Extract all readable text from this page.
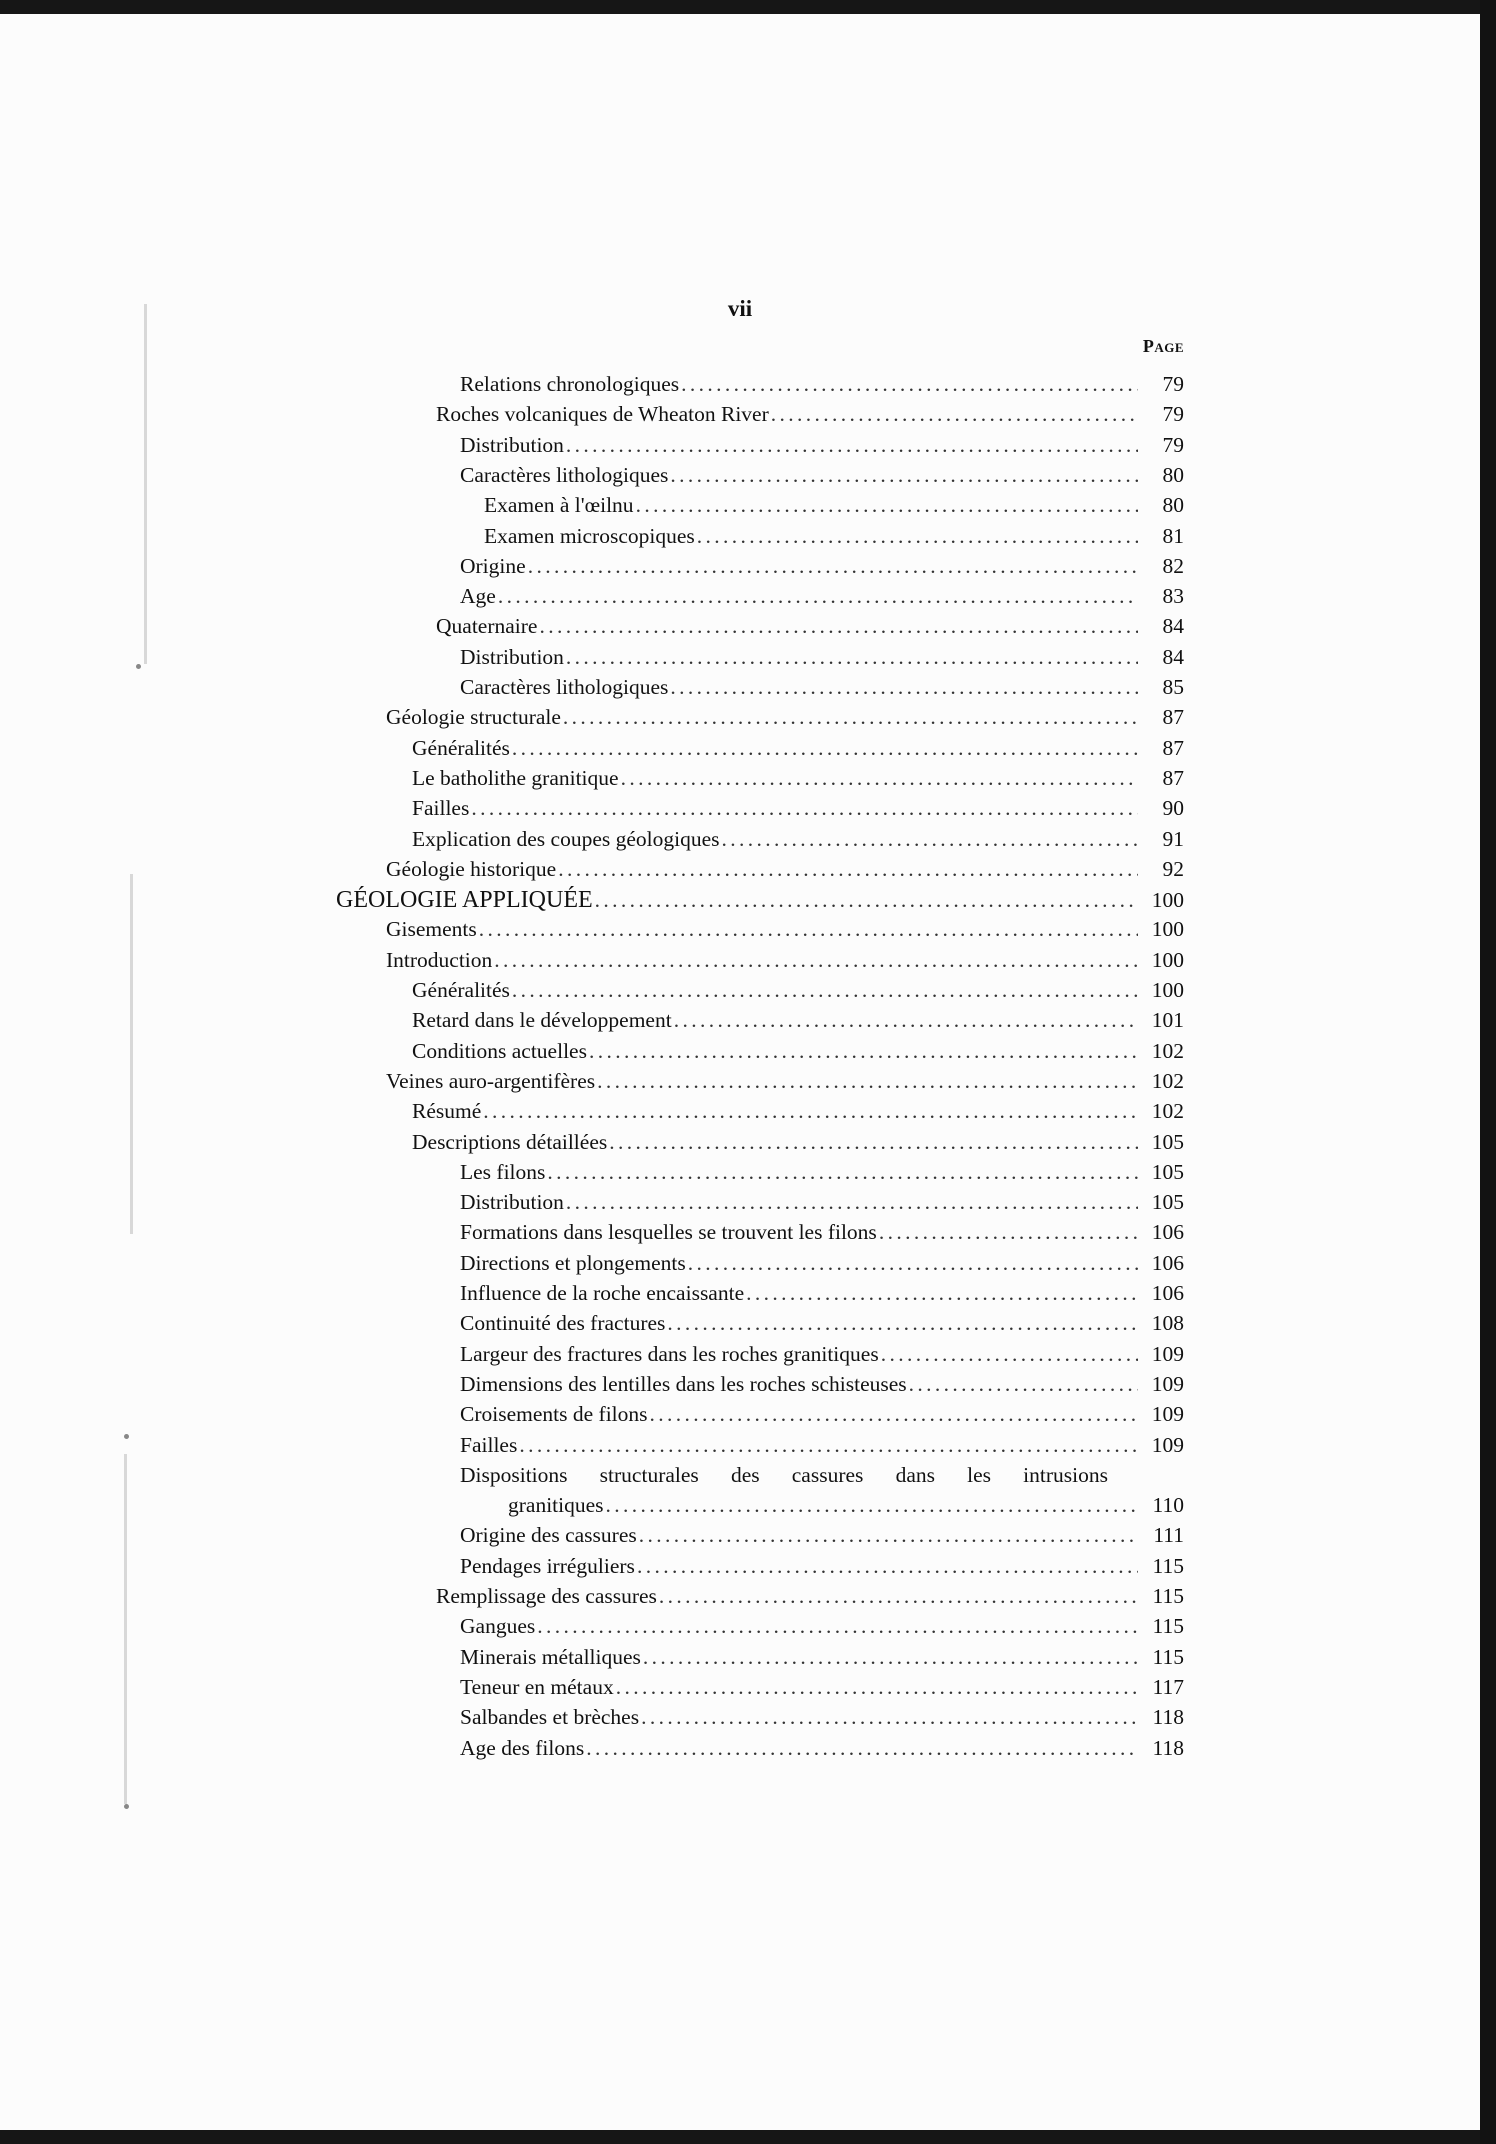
vii
Page
Relations chronologiques . . .	79
Roches volcaniques de Wheaton River . . .	79
Distribution . . .	79
Caractères lithologiques . . .	80
Examen à l'œilnu . . .	80
Examen microscopiques . . .	81
Origine . . .	82
Age . . .	83
Quaternaire . . .	84
Distribution . . .	84
Caractères lithologiques . . .	85
Géologie structurale . . .	87
Généralités . . .	87
Le batholithe granitique . . .	87
Failles . . .	90
Explication des coupes géologiques . . .	91
Géologie historique . . .	92
GÉOLOGIE APPLIQUÉE . . .	100
Gisements . . .	100
Introduction . . .	100
Généralités . . .	100
Retard dans le développement . . .	101
Conditions actuelles . . .	102
Veines auro-argentifères . . .	102
Résumé . . .	102
Descriptions détaillées . . .	105
Les filons . . .	105
Distribution . . .	105
Formations dans lesquelles se trouvent les filons . . .	106
Directions et plongements . . .	106
Influence de la roche encaissante . . .	106
Continuité des fractures . . .	108
Largeur des fractures dans les roches granitiques . . .	109
Dimensions des lentilles dans les roches schisteuses . . .	109
Croisements de filons . . .	109
Failles . . .	109
Dispositions structurales des cassures dans les intrusions
granitiques . . .	110
Origine des cassures . . .	111
Pendages irréguliers . . .	115
Remplissage des cassures . . .	115
Gangues . . .	115
Minerais métalliques . . .	115
Teneur en métaux . . .	117
Salbandes et brèches . . .	118
Age des filons . . .	118
